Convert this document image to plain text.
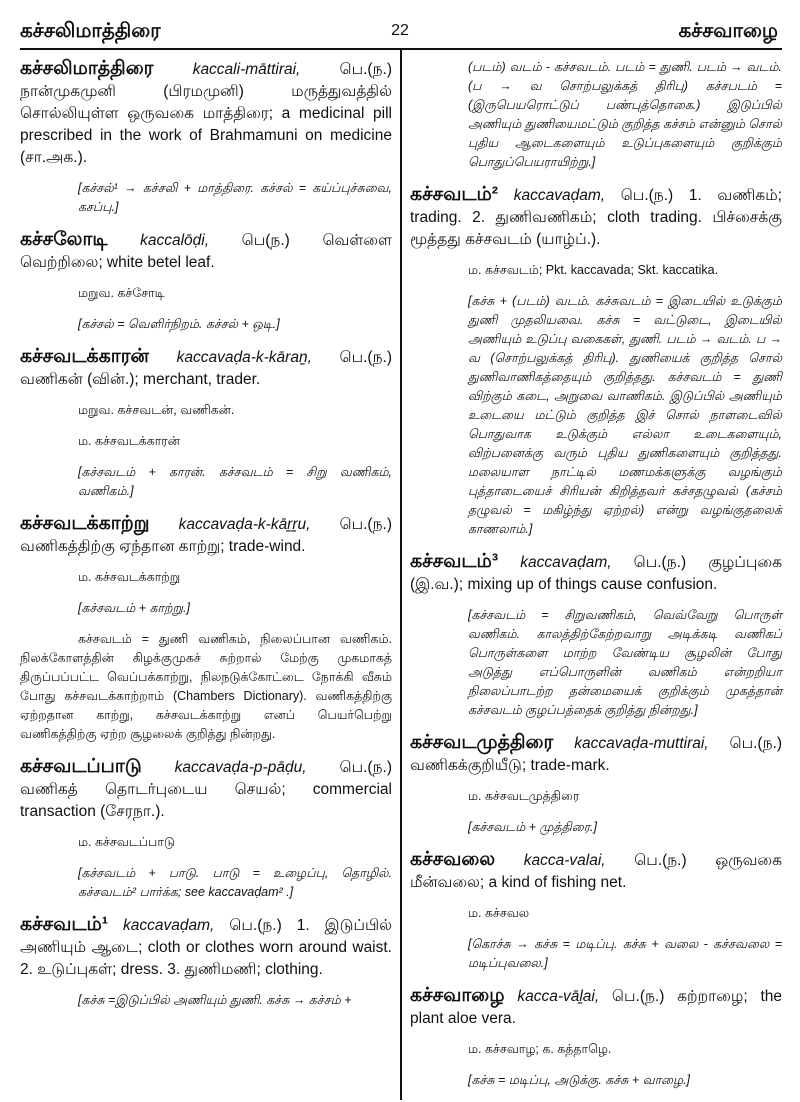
கச்சலிமாத்திரை	22	கச்சவாழை

கச்சலிமாத்திரை	kaccali-māttirai,	பெ.(ந.) நான்முகமுனி (பிரமமுனி) மருத்துவத்தில் சொல்லியுள்ள ஒருவகை மாத்திரை; a medicinal pill prescribed in the work of Brahmamuni on medicine (சா.அக.).

[கச்சல்¹ → கச்சலி + மாத்திரை. கச்சல் = கய்ப்புச்சுவை, கசப்பு.]

கச்சலோடி kaccalōḍi, பெ(ந.) வெள்ளை வெற்றிலை; white betel leaf.

மறுவ. கச்சோடி

[கச்சல் = வெளிர்நிறம். கச்சல் + ஒடி.]

கச்சவடக்காரன் kaccavaḍa-k-kāraṉ, பெ.(ந.) வணிகன் (வின்.); merchant, trader.

மறுவ. கச்சவடன், வணிகன்.

ம. கச்சவடக்காரன்

[கச்சவடம் + காரன். கச்சவடம் = சிறு வணிகம், வணிகம்.]

கச்சவடக்காற்று kaccavaḍa-k-kāṟṟu, பெ.(ந.) வணிகத்திற்கு ஏந்தான காற்று; trade-wind.

ம. கச்சவடக்காற்று

[கச்சவடம் + காற்று.]

கச்சவடம் = துணி வணிகம், நிலைப்பான வணிகம். நிலக்கோளத்தின் கிழக்குமுகச் சுற்றால் மேற்கு முகமாகத் திருப்பப்பட்ட வெப்பக்காற்று, நிலநடுக்கோட்டை நோக்கி வீசும் போது கச்சவடக்காற்றாம் (Chambers Dictionary). வணிகத்திற்கு ஏற்றதான காற்று, கச்சவடக்காற்று எனப் பெயர்பெற்று வணிகத்திற்கு ஏற்ற சூழலைக் குறித்து நின்றது.

கச்சவடப்பாடு kaccavaḍa-p-pāḍu, பெ.(ந.) வணிகத் தொடர்புடைய செயல்; commercial transaction (சேரநா.).

ம. கச்சவடப்பாடு

[கச்சவடம் + பாடு. பாடு = உழைப்பு, தொழில். கச்சவடம்² பார்க்க; see kaccavaḍam² .]

கச்சவடம்¹ kaccavaḍam, பெ.(ந.) 1. இடுப்பில் அணியும் ஆடை; cloth or clothes worn around waist. 2. உடுப்புகள்; dress. 3. துணிமணி; clothing.

[கச்சு =இடுப்பில் அணியும் துணி. கச்சு → கச்சம் +

(படம்) வடம் - கச்சவடம். படம் = துணி. படம் → வடம். (ப → வ சொற்பலுக்கத் திரிபு) கச்சபடம் = (இருபெயரொட்டுப் பண்புத்தொகை.) இடுப்பில் அணியும் துணியைமட்டும் குறித்த கச்சம் என்னும் சொல் புதிய ஆடைகளையும் உடுப்புகளையும் குறிக்கும் பொதுப்பெயராயிற்று.]

கச்சவடம்² kaccavaḍam, பெ.(ந.) 1. வணிகம்; trading. 2. துணிவணிகம்; cloth trading. பிச்சைக்கு மூத்தது கச்சவடம் (யாழ்ப்.).

ம. கச்சவடம்; Pkt. kaccavada; Skt. kaccatika.

[கச்சு + (படம்) வடம். கச்சுவடம் = இடையில் உடுக்கும் துணி முதலியவை. கச்சு = வட்டுடை, இடையில் அணியும் உடுப்பு வகைகள், துணி. படம் → வடம். ப → வ (சொற்பலுக்கத் திரிபு). துணியைக் குறித்த சொல் துணிவாணிகத்தையும் குறித்தது. கச்சவடம் = துணி விற்கும் கடை, அறுவை வாணிகம். இடுப்பில் அணியும் உடையை மட்டும் குறித்த இச் சொல் நாளடைவில் பொதுவாக உடுக்கும் எல்லா உடைகளையும், விற்பனைக்கு வரும் புதிய துணிகளையும் குறித்தது. மலையாள நாட்டில் மணமக்களுக்கு வழங்கும் புத்தாடையைச் சிரியன் கிறித்தவர் கச்சதழுவல் (கச்சம் தழுவல் = மகிழ்ந்து ஏற்றல்) என்று வழங்குதலைக் காணலாம்.]

கச்சவடம்³ kaccavaḍam, பெ.(ந.) குழப்புகை (இ.வ.); mixing up of things cause confusion.

[கச்சவடம் = சிறுவணிகம், வெவ்வேறு பொருள் வணிகம். காலத்திற்கேற்றவாறு அடிக்கடி வணிகப் பொருள்களை மாற்ற வேண்டிய சூழலின் போது அடுத்து எப்பொருளின் வணிகம் என்றறியா நிலைப்பாடற்ற தன்மையைக் குறிக்கும் முகத்தான் கச்சவடம் குழப்பத்தைக் குறித்து நின்றது.]

கச்சவடமுத்திரை kaccavaḍa-muttirai, பெ.(ந.) வணிகக்குறியீடு; trade-mark.

ம. கச்சவடமுத்திரை

[கச்சவடம் + முத்திரை.]

கச்சவலை kacca-valai, பெ.(ந.) ஒருவகை மீன்வலை; a kind of fishing net.

ம. கச்சவல

[கொச்சு → கச்சு = மடிப்பு. கச்சு + வலை - கச்சவலை = மடிப்புவலை.]

கச்சவாழை kacca-vāḻai, பெ.(ந.) கற்றாழை; the plant aloe vera.

ம. கச்சவாழ; க. கத்தாழெ.

[கச்சு = மடிப்பு, அடுக்கு. கச்சு + வாழை.]
